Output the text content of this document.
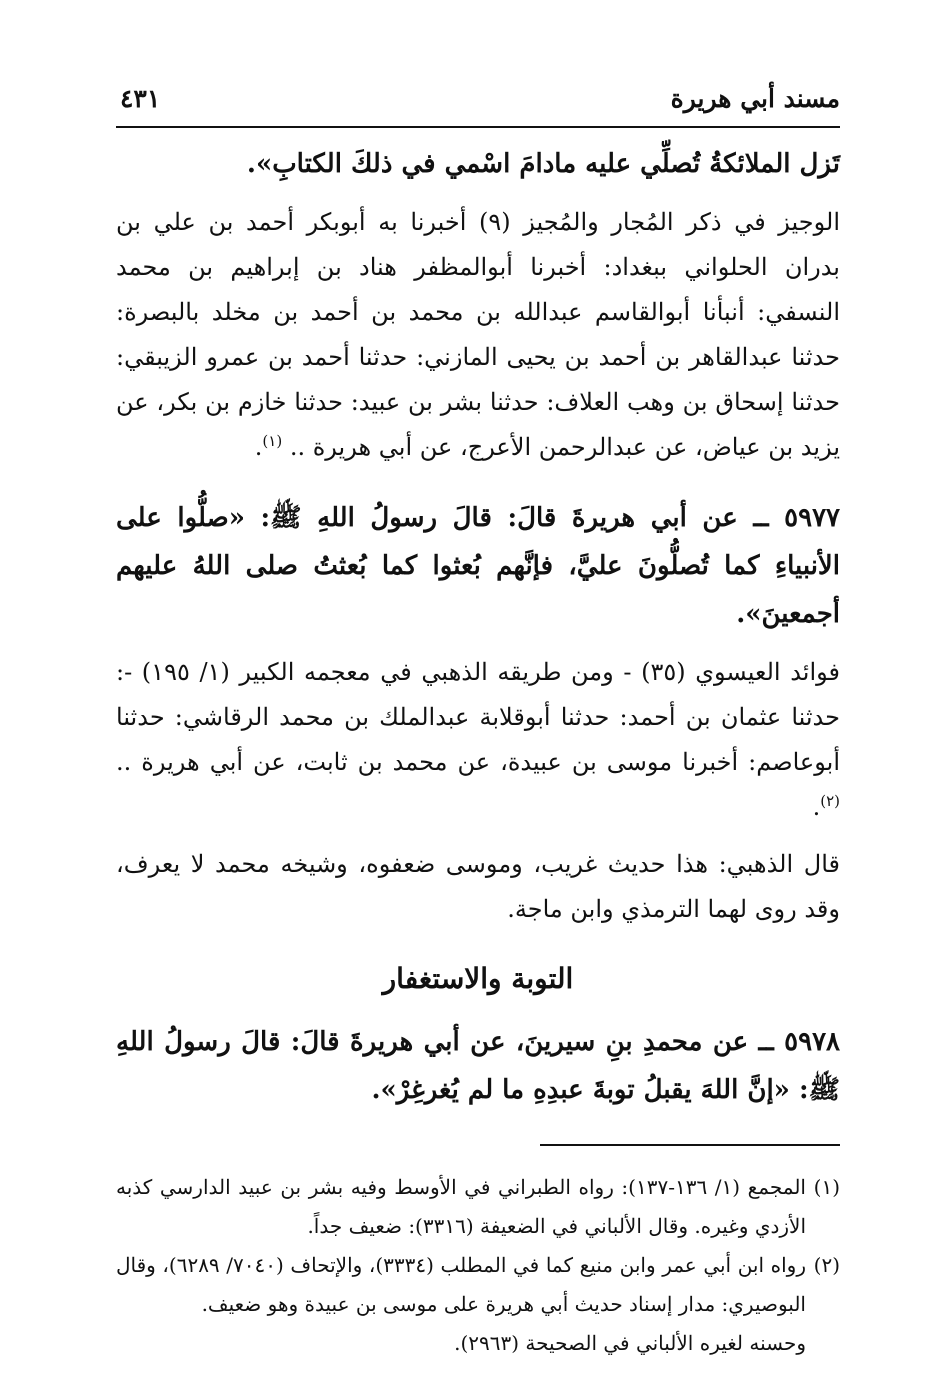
مسند أبي هريرة
٤٣١

تَزل الملائكةُ تُصلِّي عليه مادامَ اسْمي في ذلكَ الكتابِ».

الوجيز في ذكر المُجار والمُجيز (٩) أخبرنا به أبوبكر أحمد بن علي بن بدران الحلواني ببغداد: أخبرنا أبوالمظفر هناد بن إبراهيم بن محمد النسفي: أنبأنا أبوالقاسم عبدالله بن محمد بن أحمد بن مخلد بالبصرة: حدثنا عبدالقاهر بن أحمد بن يحيى المازني: حدثنا أحمد بن عمرو الزيبقي: حدثنا إسحاق بن وهب العلاف: حدثنا بشر بن عبيد: حدثنا خازم بن بكر، عن يزيد بن عياض، عن عبدالرحمن الأعرج، عن أبي هريرة .. $^{(١)}$.

٥٩٧٧ ــ عن أبي هريرةَ قالَ: قالَ رسولُ اللهِ ﷺ: «صلُّوا على الأنبياءِ كما تُصلُّونَ عليَّ، فإنَّهم بُعثوا كما بُعثتُ صلى اللهُ عليهم أجمعينَ».

فوائد العيسوي (٣٥) - ومن طريقه الذهبي في معجمه الكبير (١/ ١٩٥) -: حدثنا عثمان بن أحمد: حدثنا أبوقلابة عبدالملك بن محمد الرقاشي: حدثنا أبوعاصم: أخبرنا موسى بن عبيدة، عن محمد بن ثابت، عن أبي هريرة .. $^{(٢)}$.

قال الذهبي: هذا حديث غريب، وموسى ضعفوه، وشيخه محمد لا يعرف، وقد روى لهما الترمذي وابن ماجة.

التوبة والاستغفار

٥٩٧٨ ــ عن محمدِ بنِ سيرينَ، عن أبي هريرةَ قالَ: قالَ رسولُ اللهِ ﷺ: «إنَّ اللهَ يقبلُ توبةَ عبدِهِ ما لم يُغرغِرْ».

(١)
المجمع (١/ ١٣٦-١٣٧): رواه الطبراني في الأوسط وفيه بشر بن عبيد الدارسي كذبه الأزدي وغيره. وقال الألباني في الضعيفة (٣٣١٦): ضعيف جداً.

(٢)
رواه ابن أبي عمر وابن منيع كما في المطلب (٣٣٣٤)، والإتحاف (٧٠٤٠/ ٦٢٨٩)، وقال البوصيري: مدار إسناد حديث أبي هريرة على موسى بن عبيدة وهو ضعيف.

وحسنه لغيره الألباني في الصحيحة (٢٩٦٣).
